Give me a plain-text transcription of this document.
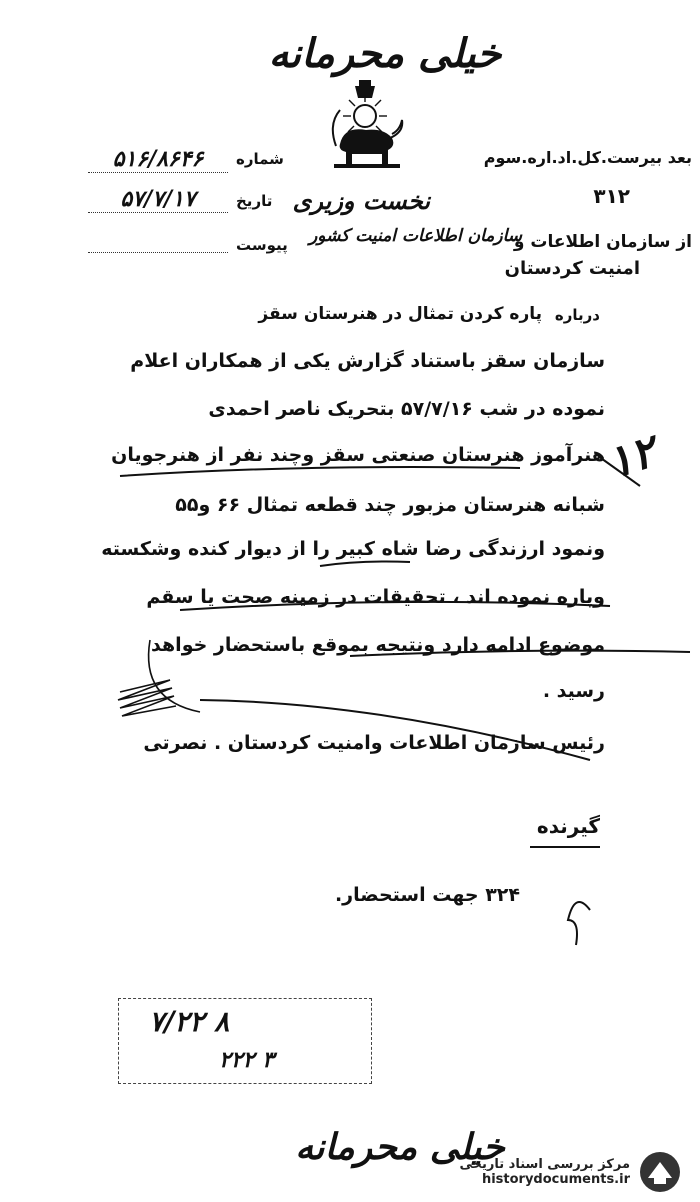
خیلی محرمانه
نخست وزیری
بعد بیرست.کل.اد.اره.سوم
۳۱۲
شماره
۵۱۶/۸۶۴۶
تاریخ
۵۷/۷/۱۷
پیوست	از سازمان اطلاعات و
سازمان اطلاعات امنیت کشور
امنیت کردستان
درباره
پاره کردن تمثال در هنرستان سقز
سازمان سقز باستناد گزارش یکی از همکاران اعلام
نموده در شب ۵۷/۷/۱۶ بتحریک ناصر احمدی
هنرآموز هنرستان صنعتی سقز وچند نفر از هنرجویان
شبانه هنرستان مزبور چند قطعه تمثال ۶۶ و۵۵
ونمود ارزندگی رضا شاه کبیر را از دیوار کنده وشکسته
وپاره نموده اند ، تحقیقات در زمینه صحت یا سقم
موضوع ادامه دارد ونتیجه بموقع باستحضار خواهد
رسید .
۱۲
رئیس سازمان اطلاعات وامنیت کردستان . نصرتی
گیرنده
۳۲۴ جهت استحضار.
۷/۲۲ ۸
۲۲۲ ۳
خیلی محرمانه
مرکز بررسی اسناد تاریخی
historydocuments.ir
